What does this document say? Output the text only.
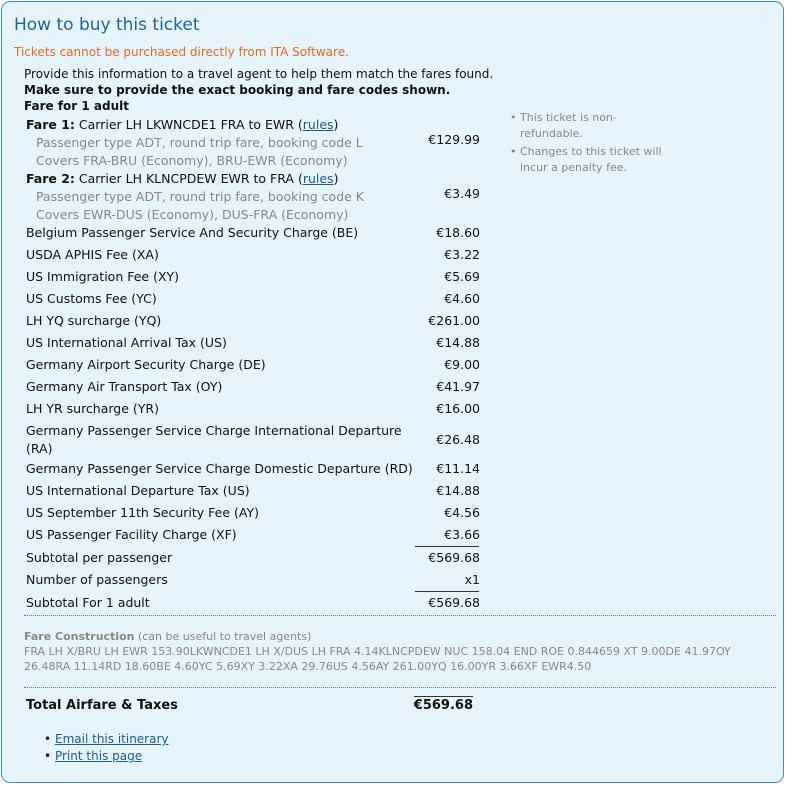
How to buy this ticket
Tickets cannot be purchased directly from ITA Software.
Provide this information to a travel agent to help them match the fares found.
Make sure to provide the exact booking and fare codes shown.
Fare for 1 adult
• This ticket is non-refundable.
• Changes to this ticket will incur a penalty fee.
Fare 1: Carrier LH LKWNCDE1 FRA to EWR (rules)
Passenger type ADT, round trip fare, booking code L
Covers FRA-BRU (Economy), BRU-EWR (Economy)
€129.99
Fare 2: Carrier LH KLNCPDEW EWR to FRA (rules)
Passenger type ADT, round trip fare, booking code K
Covers EWR-DUS (Economy), DUS-FRA (Economy)
€3.49
Belgium Passenger Service And Security Charge (BE)	€18.60
USDA APHIS Fee (XA)	€3.22
US Immigration Fee (XY)	€5.69
US Customs Fee (YC)	€4.60
LH YQ surcharge (YQ)	€261.00
US International Arrival Tax (US)	€14.88
Germany Airport Security Charge (DE)	€9.00
Germany Air Transport Tax (OY)	€41.97
LH YR surcharge (YR)	€16.00
Germany Passenger Service Charge International Departure
(RA)
€26.48
Germany Passenger Service Charge Domestic Departure (RD) €11.14
US International Departure Tax (US)	€14.88
US September 11th Security Fee (AY)	€4.56
US Passenger Facility Charge (XF)	€3.66
Subtotal per passenger	€569.68
Number of passengers	x1
Subtotal For 1 adult	€569.68
Fare Construction (can be useful to travel agents)
FRA LH X/BRU LH EWR 153.90LKWNCDE1 LH X/DUS LH FRA 4.14KLNCPDEW NUC 158.04 END ROE 0.844659 XT 9.00DE 41.97OY
26.48RA 11.14RD 18.60BE 4.60YC 5.69XY 3.22XA 29.76US 4.56AY 261.00YQ 16.00YR 3.66XF EWR4.50
Total Airfare & Taxes	€569.68
• Email this itinerary
• Print this page
